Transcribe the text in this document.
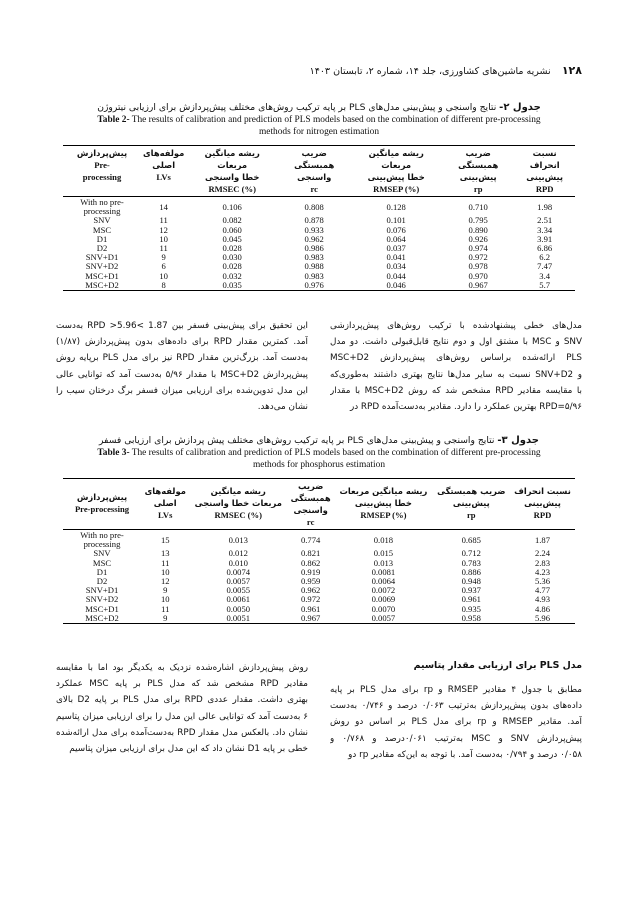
۱۲۸ نشریه ماشین‌های کشاورزی، جلد ۱۴، شماره ۲، تابستان ۱۴۰۳
جدول ۲- نتایج واسنجی و پیش‌بینی مدل‌های PLS بر پایه ترکیب روش‌های مختلف پیش‌پردازش برای ارزیابی نیتروژن
Table 2- The results of calibration and prediction of PLS models based on the combination of different pre-processing
methods for nitrogen estimation
پیش‌پردازش
Pre-
processing	مولفه‌های
اصلی
LVs	ریشه میانگین مربعات
خطا واسنجی
RMSEC (%)	ضریب همبستگی
واسنجی
rc	ریشه میانگین مربعات
خطا پیش‌بینی
RMSEP (%)	ضریب همبستگی
پیش‌بینی
rp	نسبت انحراف
پیش‌بینی
RPD
With no pre-processing	14	0.106	0.808	0.128	0.710	1.98
SNV	11	0.082	0.878	0.101	0.795	2.51
MSC	12	0.060	0.933	0.076	0.890	3.34
D1	10	0.045	0.962	0.064	0.926	3.91
D2	11	0.028	0.986	0.037	0.974	6.86
SNV+D1	9	0.030	0.983	0.041	0.972	6.2
SNV+D2	6	0.028	0.988	0.034	0.978	7.47
MSC+D1	10	0.032	0.983	0.044	0.970	3.4
MSC+D2	8	0.035	0.976	0.046	0.967	5.7
مدل‌های خطی پیشنهادشده با ترکیب روش‌های پیش‌پردازشی
SNV و MSC با مشتق اول و دوم نتایج قابل‌قبولی داشت. دو مدل
PLS ارائه‌شده براساس روش‌های پیش‌پردازش MSC+D2
و SNV+D2 نسبت به سایر مدل‌ها نتایج بهتری داشتند به‌طوری‌که
با مقایسه مقادیر RPD مشخص شد که روش MSC+D2 با مقدار
RPD=۵/۹۶ بهترین عملکرد را دارد. مقادیر به‌دست‌آمده RPD در
این تحقیق برای پیش‌بینی فسفر بین 1.87 >RPD >5.96 به‌دست
آمد. کمترین مقدار RPD برای داده‌های بدون پیش‌پردازش (۱/۸۷)
به‌دست آمد. بزرگ‌ترین مقدار RPD نیز برای مدل PLS برپایه روش
پیش‌پردازش MSC+D2 با مقدار ۵/۹۶ به‌دست آمد که توانایی عالی
این مدل تدوین‌شده برای ارزیابی میزان فسفر برگ درختان سیب را
نشان می‌دهد.
جدول ۳- نتایج واسنجی و پیش‌بینی مدل‌های PLS بر پایه ترکیب روش‌های مختلف پیش پردازش برای ارزیابی فسفر
Table 3- The results of calibration and prediction of PLS models based on the combination of different pre-processing
methods for phosphorus estimation
پیش‌پردازش
Pre-processing	مولفه‌های
اصلی
LVs	ریشه میانگین
مربعات خطا واسنجی
RMSEC (%)	ضریب
همبستگی
واسنجی
rc	ریشه میانگین مربعات
خطا پیش‌بینی
RMSEP (%)	ضریب همبستگی
پیش‌بینی
rp	نسبت انحراف
پیش‌بینی
RPD
With no pre-processing	15	0.013	0.774	0.018	0.685	1.87
SNV	13	0.012	0.821	0.015	0.712	2.24
MSC	11	0.010	0.862	0.013	0.783	2.83
D1	10	0.0074	0.919	0.0081	0.886	4.23
D2	12	0.0057	0.959	0.0064	0.948	5.36
SNV+D1	9	0.0055	0.962	0.0072	0.937	4.77
SNV+D2	10	0.0061	0.972	0.0069	0.961	4.93
MSC+D1	11	0.0050	0.961	0.0070	0.935	4.86
MSC+D2	9	0.0051	0.967	0.0057	0.958	5.96
مدل PLS برای ارزیابی مقدار پتاسیم
مطابق با جدول ۴ مقادیر RMSEP و rp برای مدل PLS بر پایه
داده‌های بدون پیش‌پردازش به‌ترتیب ۰/۰۶۳ درصد و ۰/۷۴۶ به‌دست
آمد. مقادیر RMSEP و rp برای مدل PLS بر اساس دو روش
پیش‌پردازش SNV و MSC به‌ترتیب ۰/۰۶۱درصد و ۰/۷۶۸ و
۰/۰۵۸ درصد و ۰/۷۹۴ به‌دست آمد. با توجه به این‌که مقادیر rp دو
روش پیش‌پردازش اشاره‌شده نزدیک به یکدیگر بود اما با مقایسه
مقادیر RPD مشخص شد که مدل PLS بر پایه MSC عملکرد
بهتری داشت. مقدار عددی RPD برای مدل PLS بر پایه D2 بالای
۶ به‌دست آمد که توانایی عالی این مدل را برای ارزیابی میزان پتاسیم
نشان داد. بالعکس مدل مقدار RPD به‌دست‌آمده برای مدل ارائه‌شده
خطی بر پایه D1 نشان داد که این مدل برای ارزیابی میزان پتاسیم
